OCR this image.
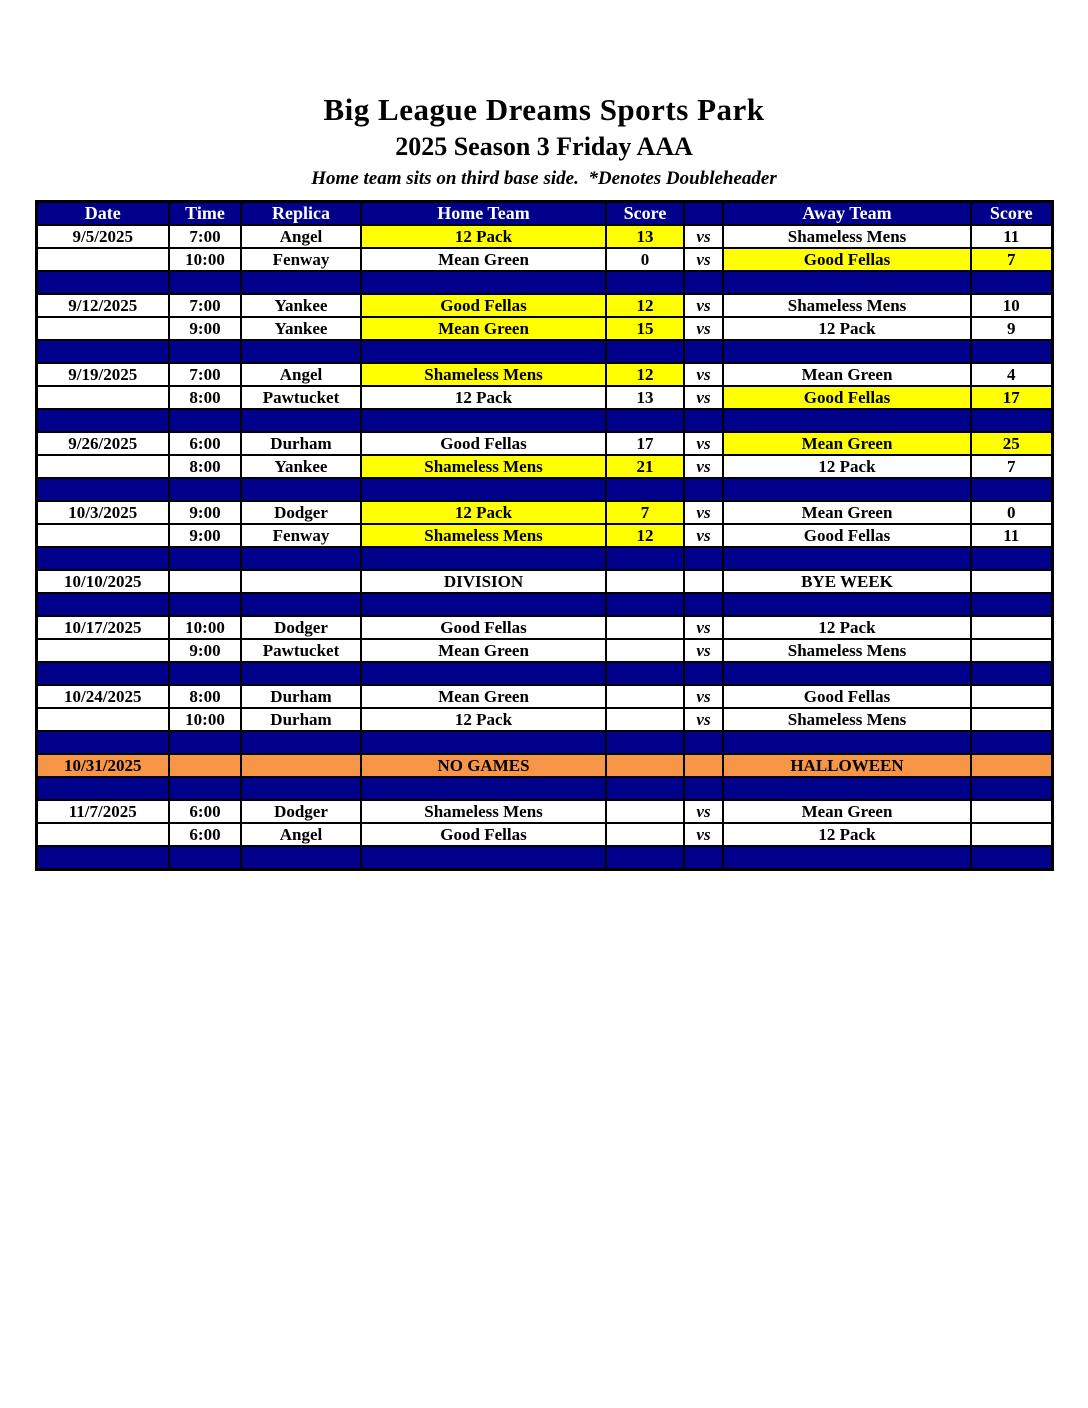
Big League Dreams Sports Park
2025 Season 3 Friday AAA

Home team sits on third base side.  *Denotes Doubleheader

Date	Time	Replica	Home Team	Score		Away Team	Score
9/5/2025	7:00	Angel	12 Pack	13	vs	Shameless Mens	11
	10:00	Fenway	Mean Green	0	vs	Good Fellas	7

9/12/2025	7:00	Yankee	Good Fellas	12	vs	Shameless Mens	10
	9:00	Yankee	Mean Green	15	vs	12 Pack	9

9/19/2025	7:00	Angel	Shameless Mens	12	vs	Mean Green	4
	8:00	Pawtucket	12 Pack	13	vs	Good Fellas	17

9/26/2025	6:00	Durham	Good Fellas	17	vs	Mean Green	25
	8:00	Yankee	Shameless Mens	21	vs	12 Pack	7

10/3/2025	9:00	Dodger	12 Pack	7	vs	Mean Green	0
	9:00	Fenway	Shameless Mens	12	vs	Good Fellas	11

10/10/2025			DIVISION			BYE WEEK	

10/17/2025	10:00	Dodger	Good Fellas		vs	12 Pack	
	9:00	Pawtucket	Mean Green		vs	Shameless Mens	

10/24/2025	8:00	Durham	Mean Green		vs	Good Fellas	
	10:00	Durham	12 Pack		vs	Shameless Mens	

10/31/2025			NO GAMES			HALLOWEEN	

11/7/2025	6:00	Dodger	Shameless Mens		vs	Mean Green	
	6:00	Angel	Good Fellas		vs	12 Pack	
